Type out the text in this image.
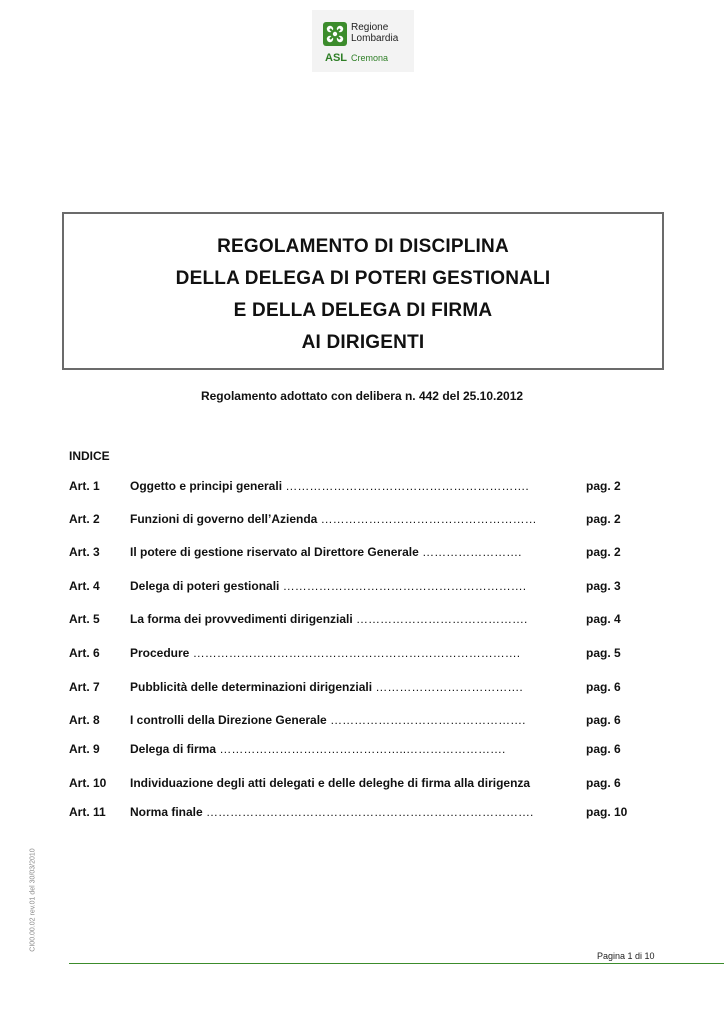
Regione
Lombardia
ASL Cremona
REGOLAMENTO DI DISCIPLINA
DELLA DELEGA DI POTERI GESTIONALI
E DELLA DELEGA DI FIRMA
AI DIRIGENTI
Regolamento adottato con delibera n. 442 del 25.10.2012
INDICE
Art. 1	Oggetto e principi generali …………………………………………………….	pag. 2
Art. 2	Funzioni di governo dell’Azienda ………………………………………………	pag. 2
Art. 3	Il potere di gestione riservato al Direttore Generale …………………….	pag. 2
Art. 4	Delega di poteri gestionali …………………………………………………….	pag. 3
Art. 5	La forma dei provvedimenti dirigenziali …………………………………….	pag. 4
Art. 6	Procedure ……………………………………………………………………….	pag. 5
Art. 7	Pubblicità delle determinazioni dirigenziali ……………………………….	pag. 6
Art. 8	I controlli della Direzione Generale ………………………………………….	pag. 6
Art. 9	Delega di firma ………………………………………..…………………….	pag. 6
Art. 10 Individuazione degli atti delegati e delle deleghe di firma alla dirigenza	pag. 6
Art. 11 Norma finale ……………………………………………………………………….	pag. 10
CI00.00.02 rev.01 del 30/03/2010
Pagina 1 di 10
